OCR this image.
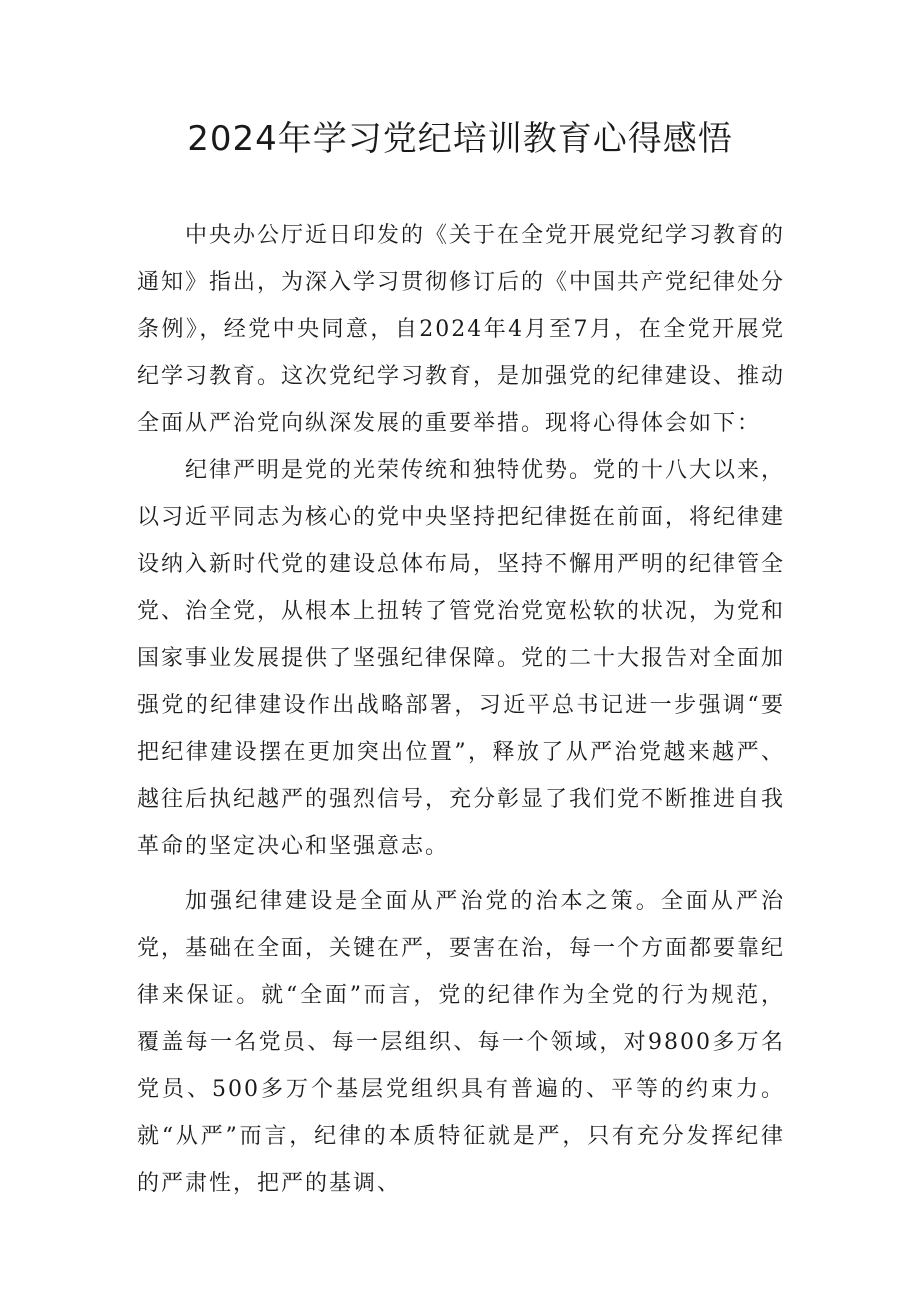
2024年学习党纪培训教育心得感悟

中央办公厅近日印发的《关于在全党开展党纪学习教育的通知》指出，为深入学习贯彻修订后的《中国共产党纪律处分条例》，经党中央同意，自2024年4月至7月，在全党开展党纪学习教育。这次党纪学习教育，是加强党的纪律建设、推动全面从严治党向纵深发展的重要举措。现将心得体会如下：

纪律严明是党的光荣传统和独特优势。党的十八大以来，以习近平同志为核心的党中央坚持把纪律挺在前面，将纪律建设纳入新时代党的建设总体布局，坚持不懈用严明的纪律管全党、治全党，从根本上扭转了管党治党宽松软的状况，为党和国家事业发展提供了坚强纪律保障。党的二十大报告对全面加强党的纪律建设作出战略部署，习近平总书记进一步强调“要把纪律建设摆在更加突出位置”，释放了从严治党越来越严、越往后执纪越严的强烈信号，充分彰显了我们党不断推进自我革命的坚定决心和坚强意志。

加强纪律建设是全面从严治党的治本之策。全面从严治党，基础在全面，关键在严，要害在治，每一个方面都要靠纪律来保证。就“全面”而言，党的纪律作为全党的行为规范，覆盖每一名党员、每一层组织、每一个领域，对9800多万名党员、500多万个基层党组织具有普遍的、平等的约束力。就“从严”而言，纪律的本质特征就是严，只有充分发挥纪律的严肃性，把严的基调、
